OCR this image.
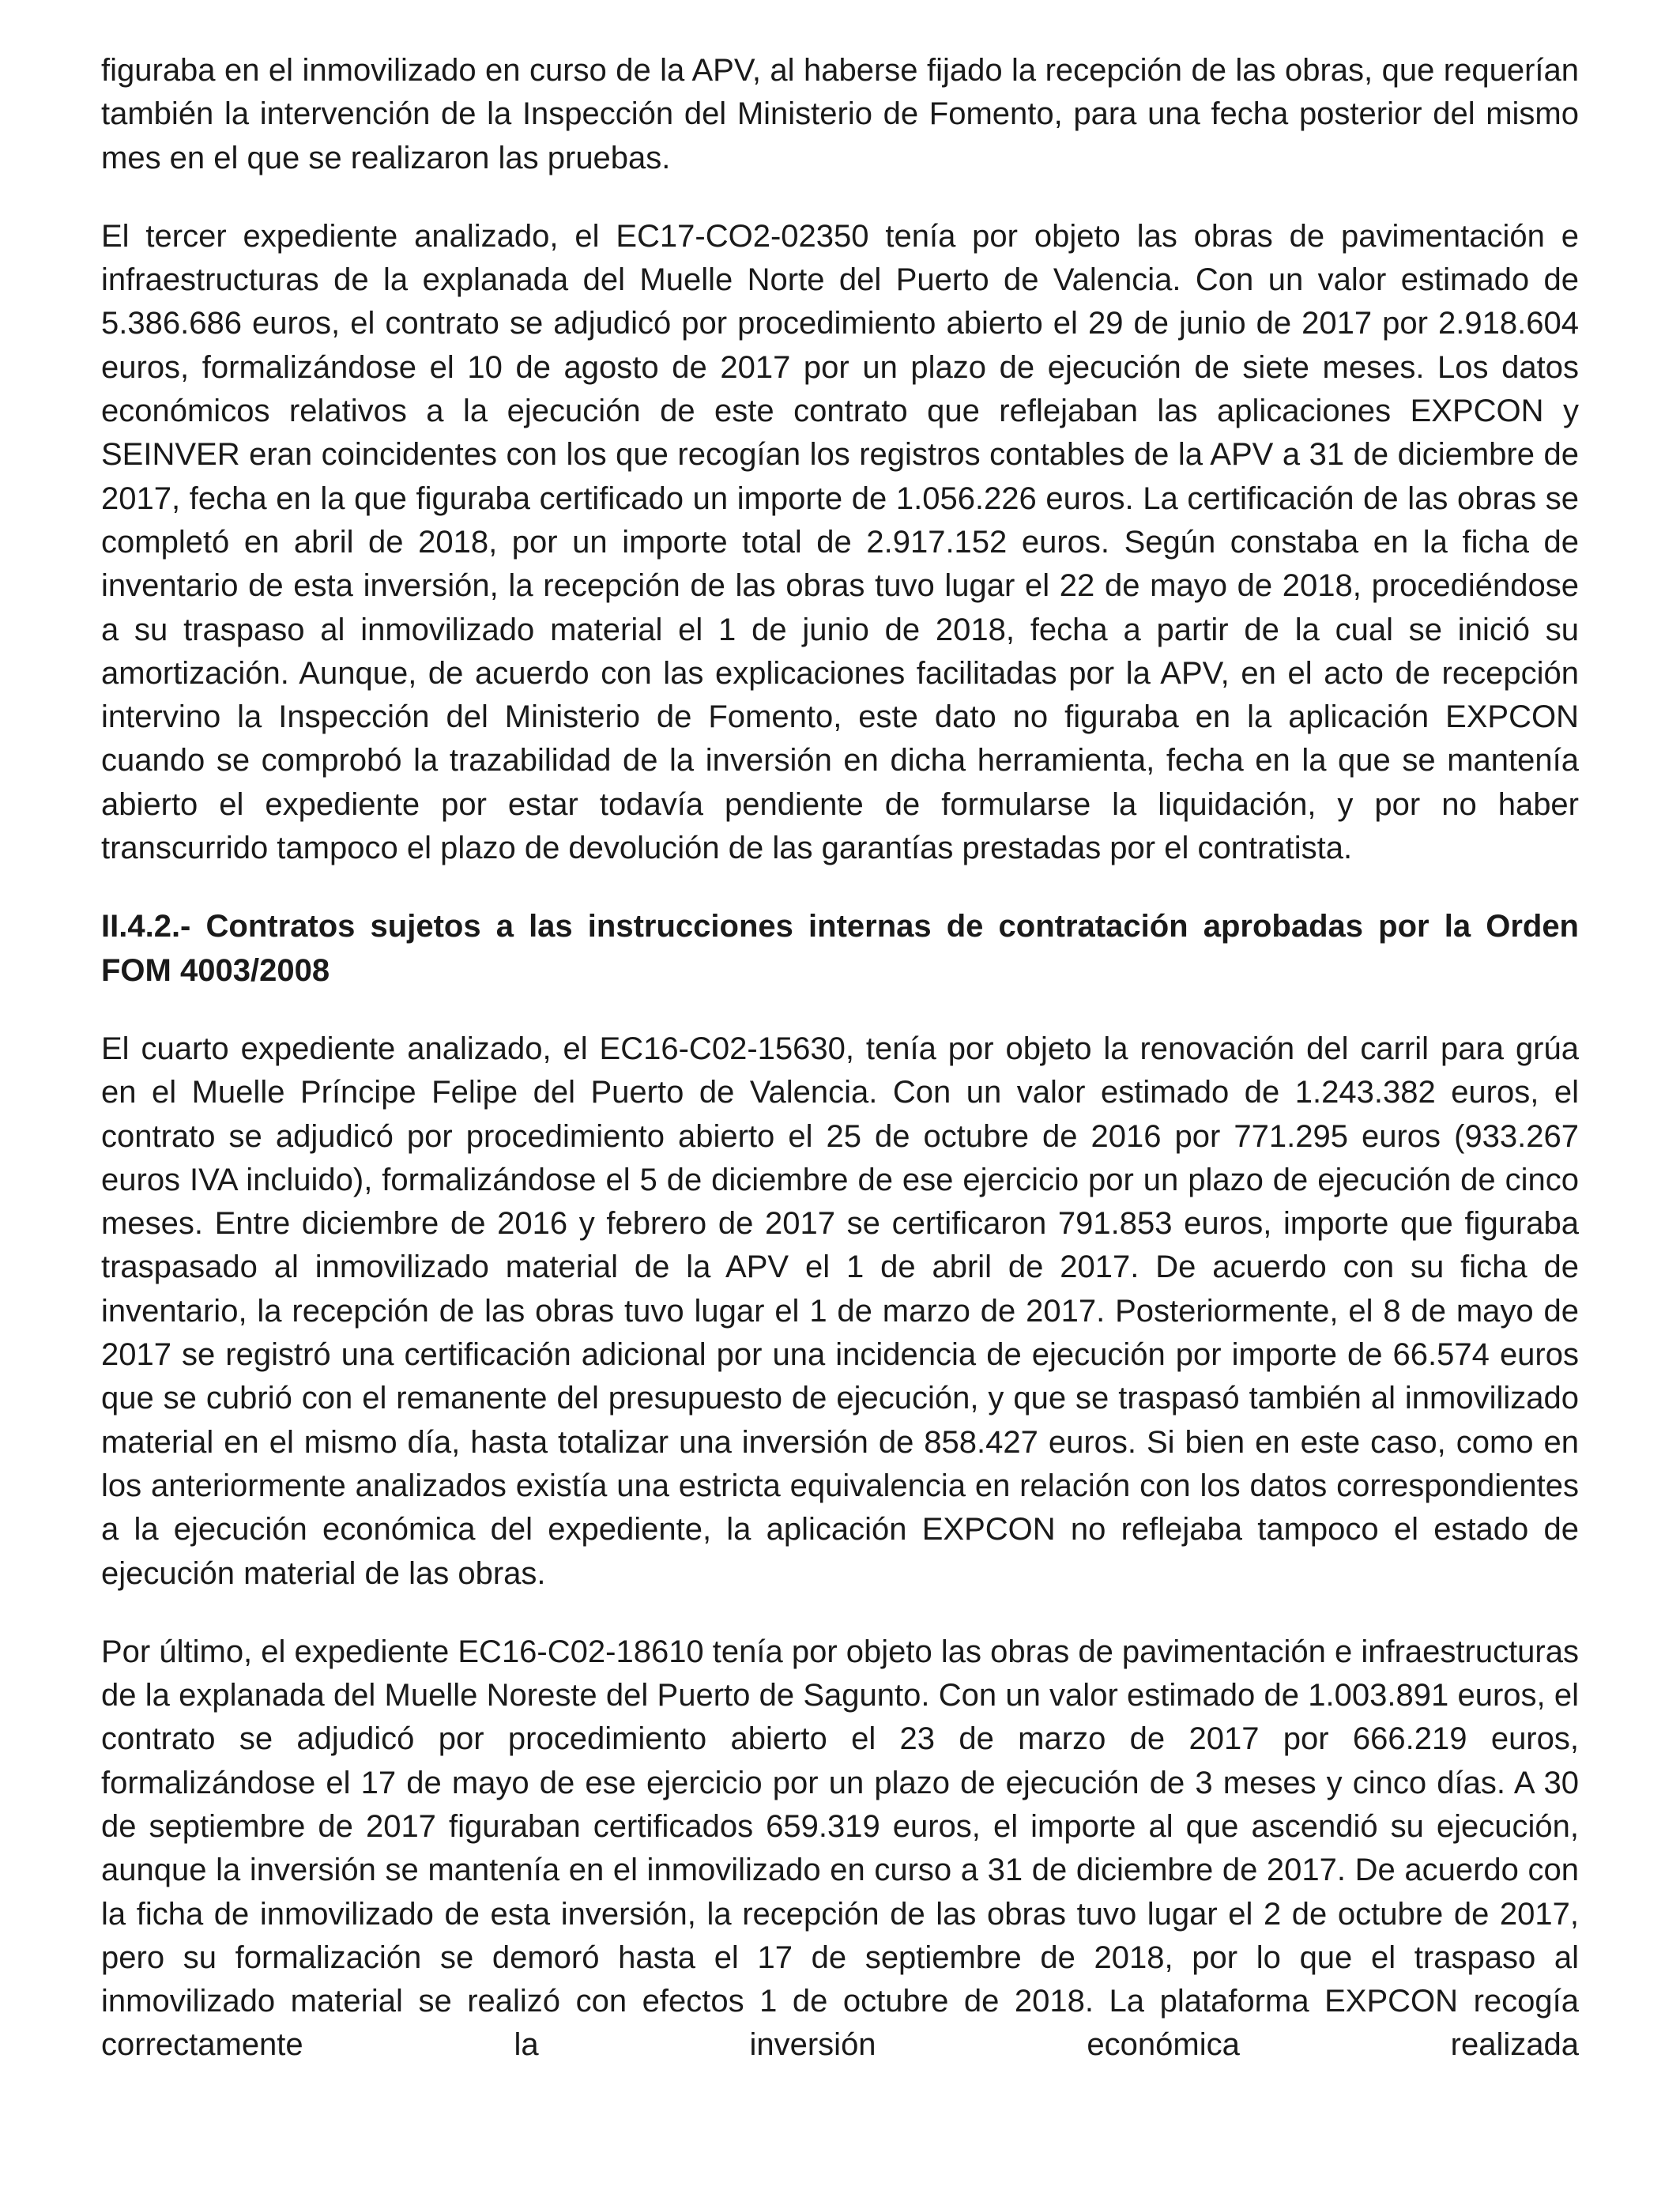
figuraba en el inmovilizado en curso de la APV, al haberse fijado la recepción de las obras, que requerían también la intervención de la Inspección del Ministerio de Fomento, para una fecha posterior del mismo mes en el que se realizaron las pruebas.

El tercer expediente analizado, el EC17-CO2-02350 tenía por objeto las obras de pavimentación e infraestructuras de la explanada del Muelle Norte del Puerto de Valencia. Con un valor estimado de 5.386.686 euros, el contrato se adjudicó por procedimiento abierto el 29 de junio de 2017 por 2.918.604 euros, formalizándose el 10 de agosto de 2017 por un plazo de ejecución de siete meses. Los datos económicos relativos a la ejecución de este contrato que reflejaban las aplicaciones EXPCON y SEINVER eran coincidentes con los que recogían los registros contables de la APV a 31 de diciembre de 2017, fecha en la que figuraba certificado un importe de 1.056.226 euros. La certificación de las obras se completó en abril de 2018, por un importe total de 2.917.152 euros. Según constaba en la ficha de inventario de esta inversión, la recepción de las obras tuvo lugar el 22 de mayo de 2018, procediéndose a su traspaso al inmovilizado material el 1 de junio de 2018, fecha a partir de la cual se inició su amortización. Aunque, de acuerdo con las explicaciones facilitadas por la APV, en el acto de recepción intervino la Inspección del Ministerio de Fomento, este dato no figuraba en la aplicación EXPCON cuando se comprobó la trazabilidad de la inversión en dicha herramienta, fecha en la que se mantenía abierto el expediente por estar todavía pendiente de formularse la liquidación, y por no haber transcurrido tampoco el plazo de devolución de las garantías prestadas por el contratista.

II.4.2.- Contratos sujetos a las instrucciones internas de contratación aprobadas por la Orden FOM 4003/2008

El cuarto expediente analizado, el EC16-C02-15630, tenía por objeto la renovación del carril para grúa en el Muelle Príncipe Felipe del Puerto de Valencia. Con un valor estimado de 1.243.382 euros, el contrato se adjudicó por procedimiento abierto el 25 de octubre de 2016 por 771.295 euros (933.267 euros IVA incluido), formalizándose el 5 de diciembre de ese ejercicio por un plazo de ejecución de cinco meses. Entre diciembre de 2016 y febrero de 2017 se certificaron 791.853 euros, importe que figuraba traspasado al inmovilizado material de la APV el 1 de abril de 2017. De acuerdo con su ficha de inventario, la recepción de las obras tuvo lugar el 1 de marzo de 2017. Posteriormente, el 8 de mayo de 2017 se registró una certificación adicional por una incidencia de ejecución por importe de 66.574 euros que se cubrió con el remanente del presupuesto de ejecución, y que se traspasó también al inmovilizado material en el mismo día, hasta totalizar una inversión de 858.427 euros. Si bien en este caso, como en los anteriormente analizados existía una estricta equivalencia en relación con los datos correspondientes a la ejecución económica del expediente, la aplicación EXPCON no reflejaba tampoco el estado de ejecución material de las obras.

Por último, el expediente EC16-C02-18610 tenía por objeto las obras de pavimentación e infraestructuras de la explanada del Muelle Noreste del Puerto de Sagunto. Con un valor estimado de 1.003.891 euros, el contrato se adjudicó por procedimiento abierto el 23 de marzo de 2017 por 666.219 euros, formalizándose el 17 de mayo de ese ejercicio por un plazo de ejecución de 3 meses y cinco días. A 30 de septiembre de 2017 figuraban certificados 659.319 euros, el importe al que ascendió su ejecución, aunque la inversión se mantenía en el inmovilizado en curso a 31 de diciembre de 2017. De acuerdo con la ficha de inmovilizado de esta inversión, la recepción de las obras tuvo lugar el 2 de octubre de 2017, pero su formalización se demoró hasta el 17 de septiembre de 2018, por lo que el traspaso al inmovilizado material se realizó con efectos 1 de octubre de 2018. La plataforma EXPCON recogía correctamente la inversión económica realizada
